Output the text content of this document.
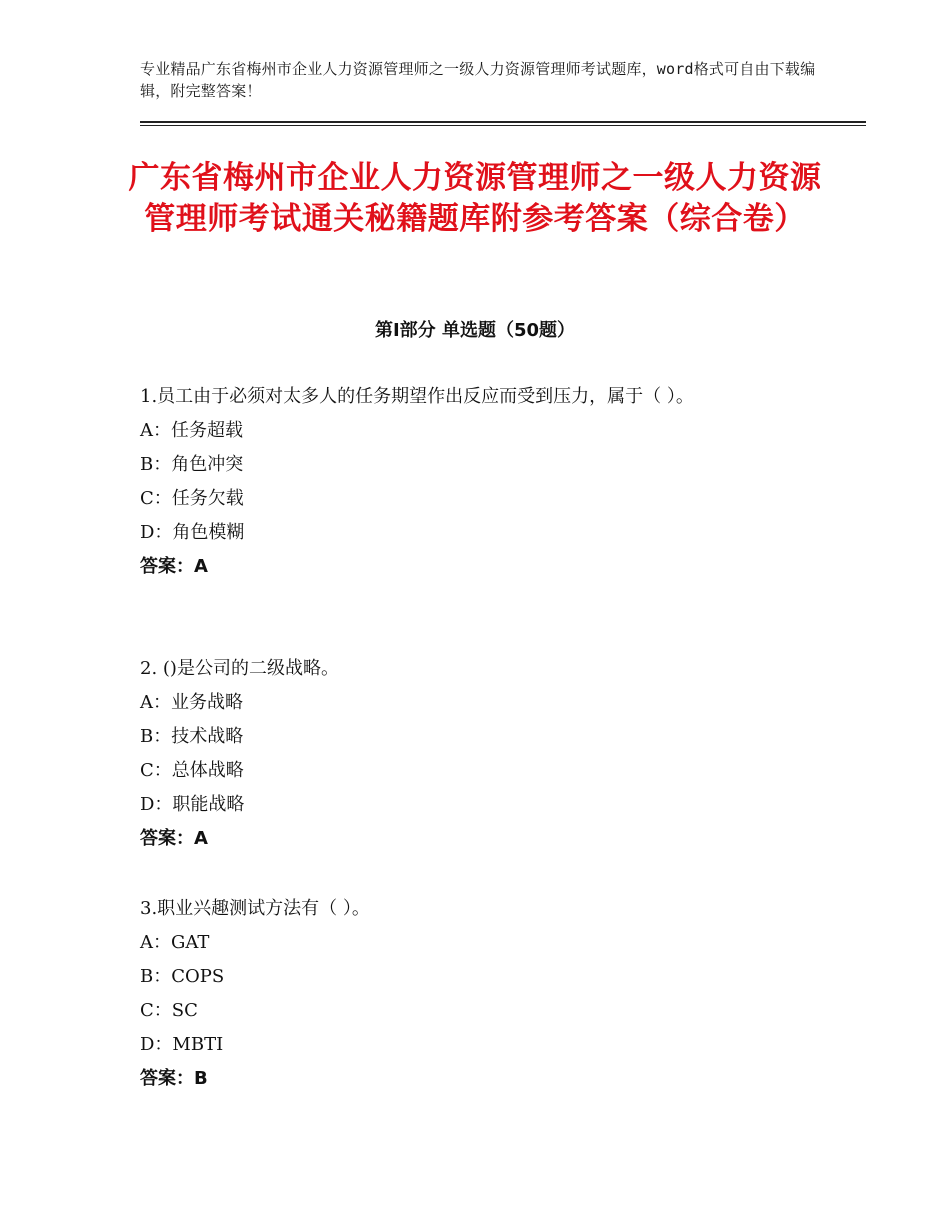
专业精品广东省梅州市企业人力资源管理师之一级人力资源管理师考试题库，word格式可自由下载编辑，附完整答案！
广东省梅州市企业人力资源管理师之一级人力资源管理师考试通关秘籍题库附参考答案（综合卷）
第Ⅰ部分 单选题（50题）
1.员工由于必须对太多人的任务期望作出反应而受到压力，属于（ ）。
A：任务超载
B：角色冲突
C：任务欠载
D：角色模糊
答案：A
2. ()是公司的二级战略。
A：业务战略
B：技术战略
C：总体战略
D：职能战略
答案：A
3.职业兴趣测试方法有（ ）。
A：GAT
B：COPS
C：SC
D：MBTI
答案：B
